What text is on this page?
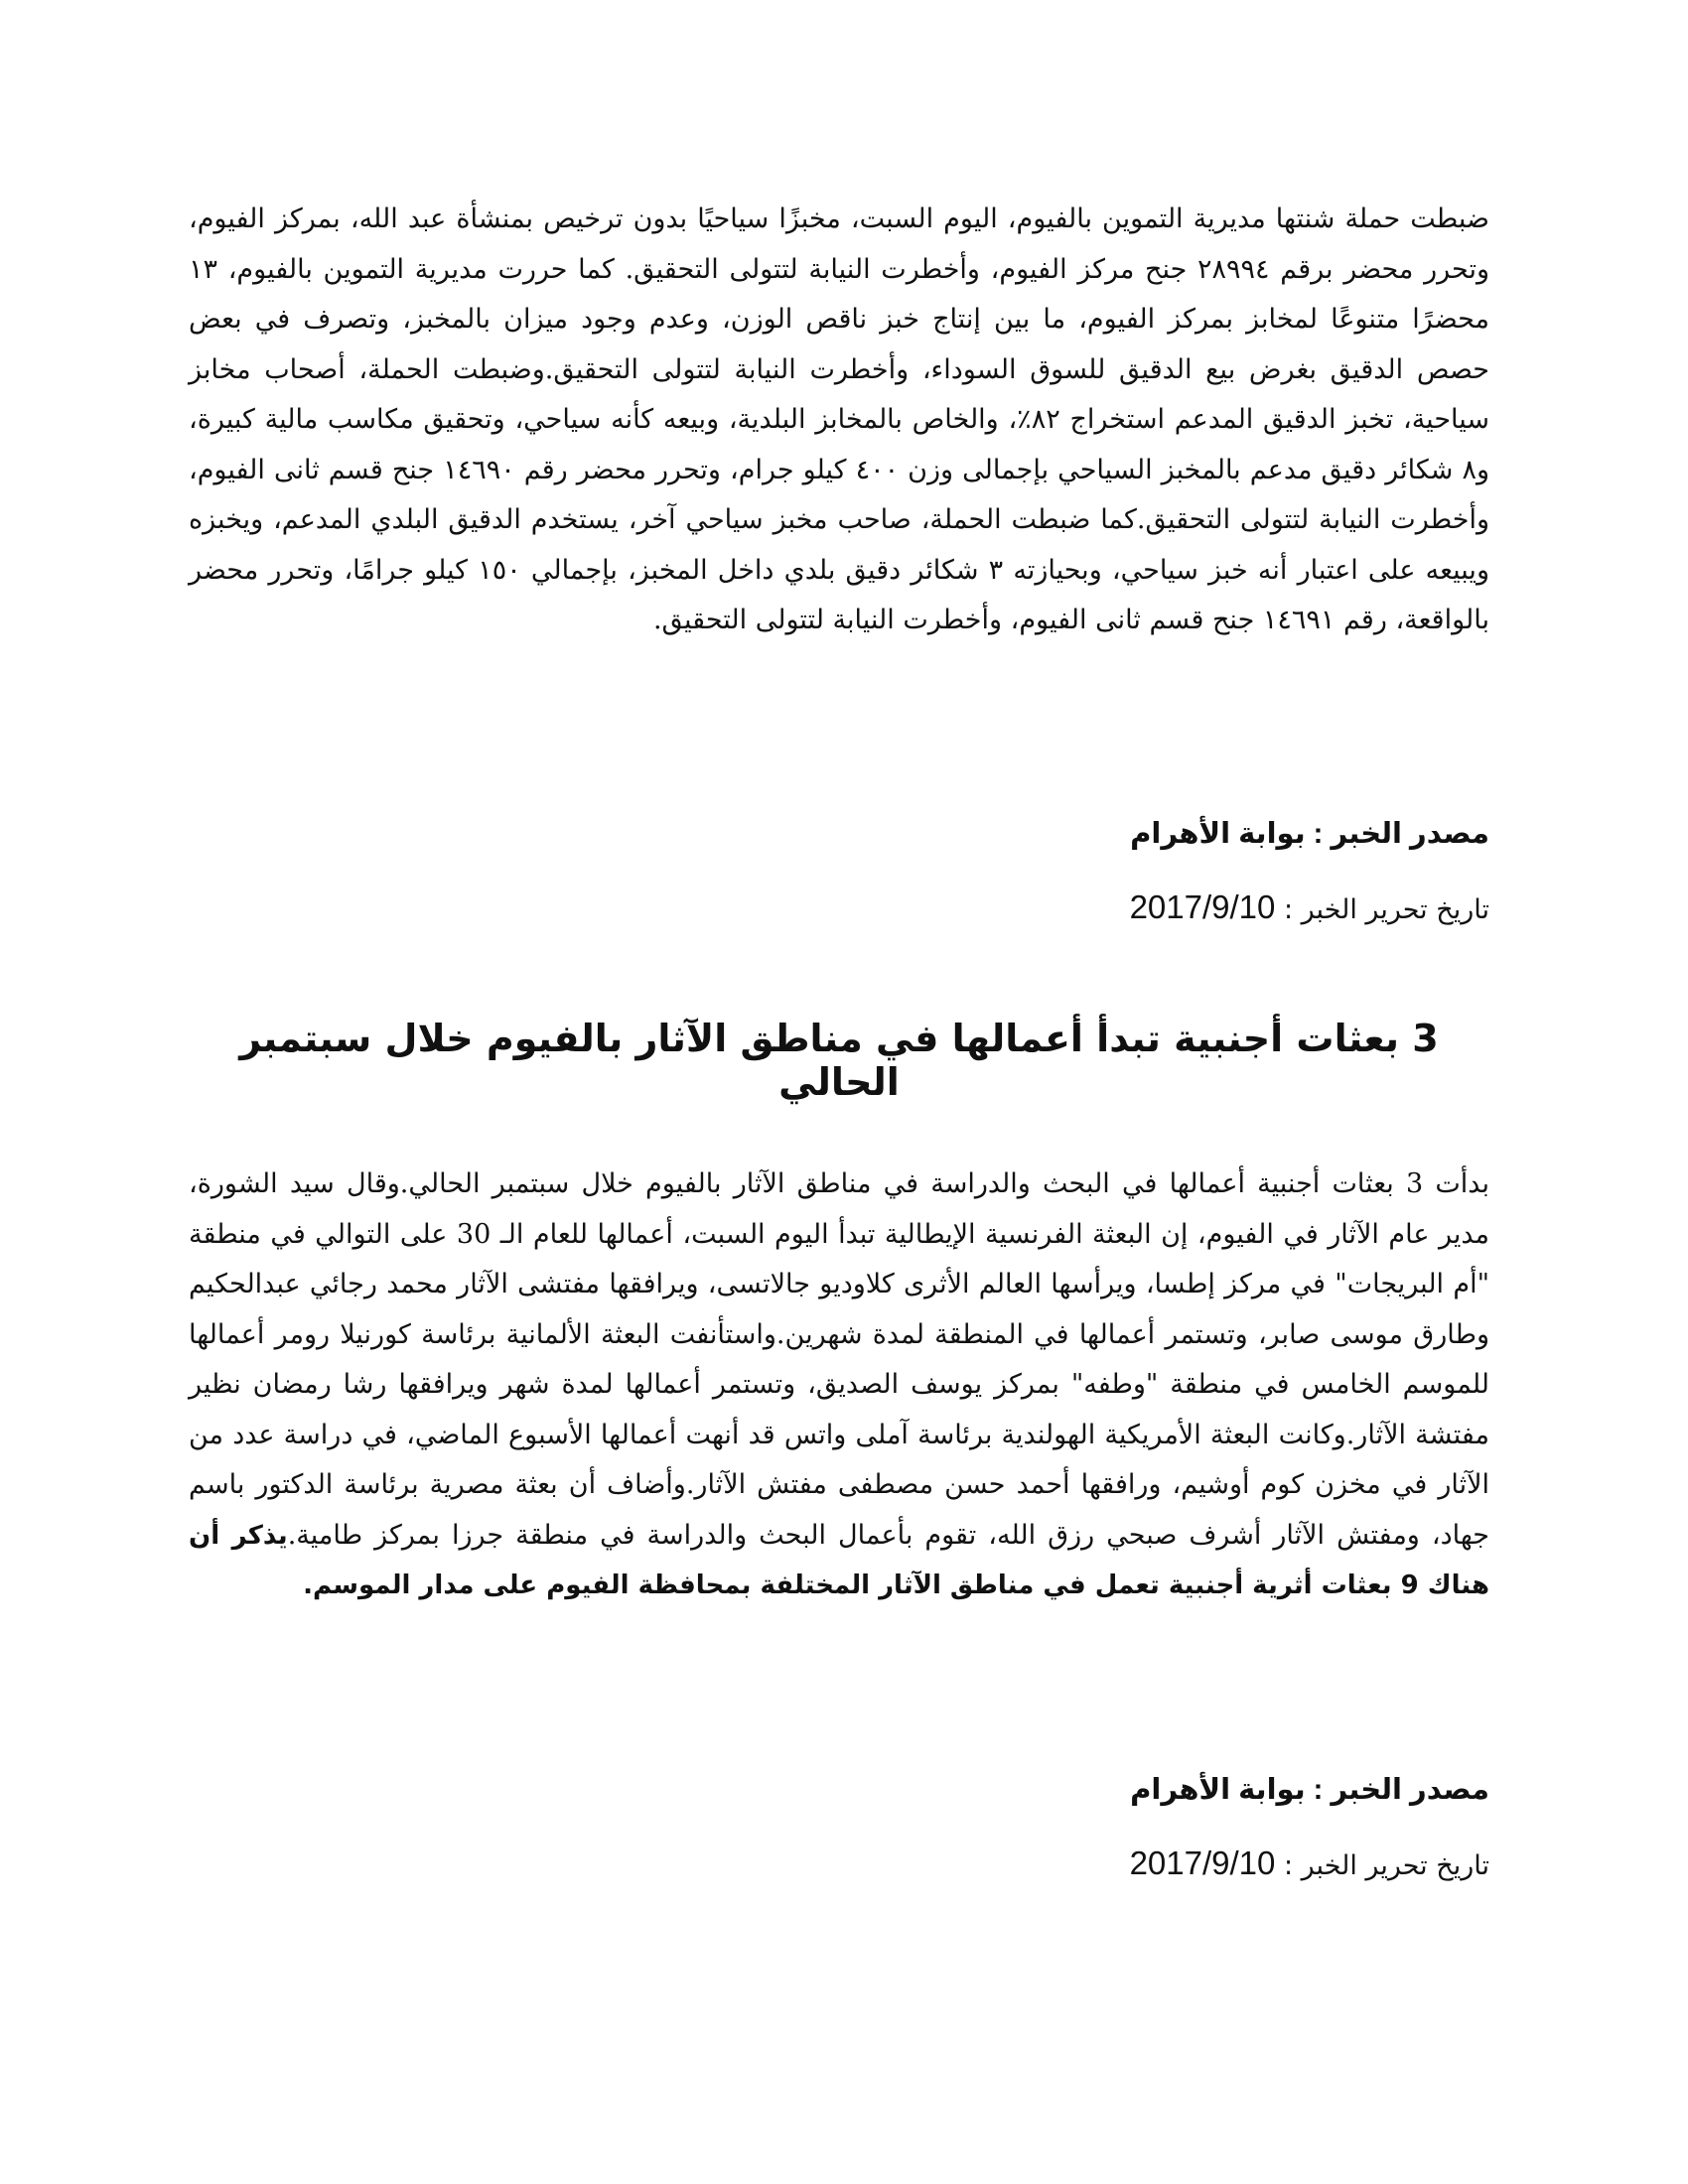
ضبطت حملة شنتها مديرية التموين بالفيوم، اليوم السبت، مخبزًا سياحيًا بدون ترخيص بمنشأة عبد الله، بمركز الفيوم، وتحرر محضر برقم ٢٨٩٩٤ جنح مركز الفيوم، وأخطرت النيابة لتتولى التحقيق. كما حررت مديرية التموين بالفيوم، ١٣ محضرًا متنوعًا لمخابز بمركز الفيوم، ما بين إنتاج خبز ناقص الوزن، وعدم وجود ميزان بالمخبز، وتصرف في بعض حصص الدقيق بغرض بيع الدقيق للسوق السوداء، وأخطرت النيابة لتتولى التحقيق.وضبطت الحملة، أصحاب مخابز سياحية، تخبز الدقيق المدعم استخراج ٨٢٪، والخاص بالمخابز البلدية، وبيعه كأنه سياحي، وتحقيق مكاسب مالية كبيرة، و٨ شكائر دقيق مدعم بالمخبز السياحي بإجمالى وزن ٤٠٠ كيلو جرام، وتحرر محضر رقم ١٤٦٩٠ جنح قسم ثانى الفيوم، وأخطرت النيابة لتتولى التحقيق.كما ضبطت الحملة، صاحب مخبز سياحي آخر، يستخدم الدقيق البلدي المدعم، ويخبزه ويبيعه على اعتبار أنه خبز سياحي، وبحيازته ٣ شكائر دقيق بلدي داخل المخبز، بإجمالي ١٥٠ كيلو جرامًا، وتحرر محضر بالواقعة، رقم ١٤٦٩١ جنح قسم ثانى الفيوم، وأخطرت النيابة لتتولى التحقيق.

مصدر الخبر : بوابة الأهرام

تاريخ تحرير الخبر : 2017/9/10

3 بعثات أجنبية تبدأ أعمالها في مناطق الآثار بالفيوم خلال سبتمبر الحالي

بدأت 3 بعثات أجنبية أعمالها في البحث والدراسة في مناطق الآثار بالفيوم خلال سبتمبر الحالي.وقال سيد الشورة، مدير عام الآثار في الفيوم، إن البعثة الفرنسية الإيطالية تبدأ اليوم السبت، أعمالها للعام الـ 30 على التوالي في منطقة "أم البريجات" في مركز إطسا، ويرأسها العالم الأثرى كلاوديو جالاتسى، ويرافقها مفتشى الآثار محمد رجائي عبدالحكيم وطارق موسى صابر، وتستمر أعمالها في المنطقة لمدة شهرين.واستأنفت البعثة الألمانية برئاسة كورنيلا رومر أعمالها للموسم الخامس في منطقة "وطفه" بمركز يوسف الصديق، وتستمر أعمالها لمدة شهر ويرافقها رشا رمضان نظير مفتشة الآثار.وكانت البعثة الأمريكية الهولندية برئاسة آملى واتس قد أنهت أعمالها الأسبوع الماضي، في دراسة عدد من الآثار في مخزن كوم أوشيم، ورافقها أحمد حسن مصطفى مفتش الآثار.وأضاف أن بعثة مصرية برئاسة الدكتور باسم جهاد، ومفتش الآثار أشرف صبحي رزق الله، تقوم بأعمال البحث والدراسة في منطقة جرزا بمركز طامية.يذكر أن هناك 9 بعثات أثرية أجنبية تعمل في مناطق الآثار المختلفة بمحافظة الفيوم على مدار الموسم.

مصدر الخبر : بوابة الأهرام

تاريخ تحرير الخبر : 2017/9/10
